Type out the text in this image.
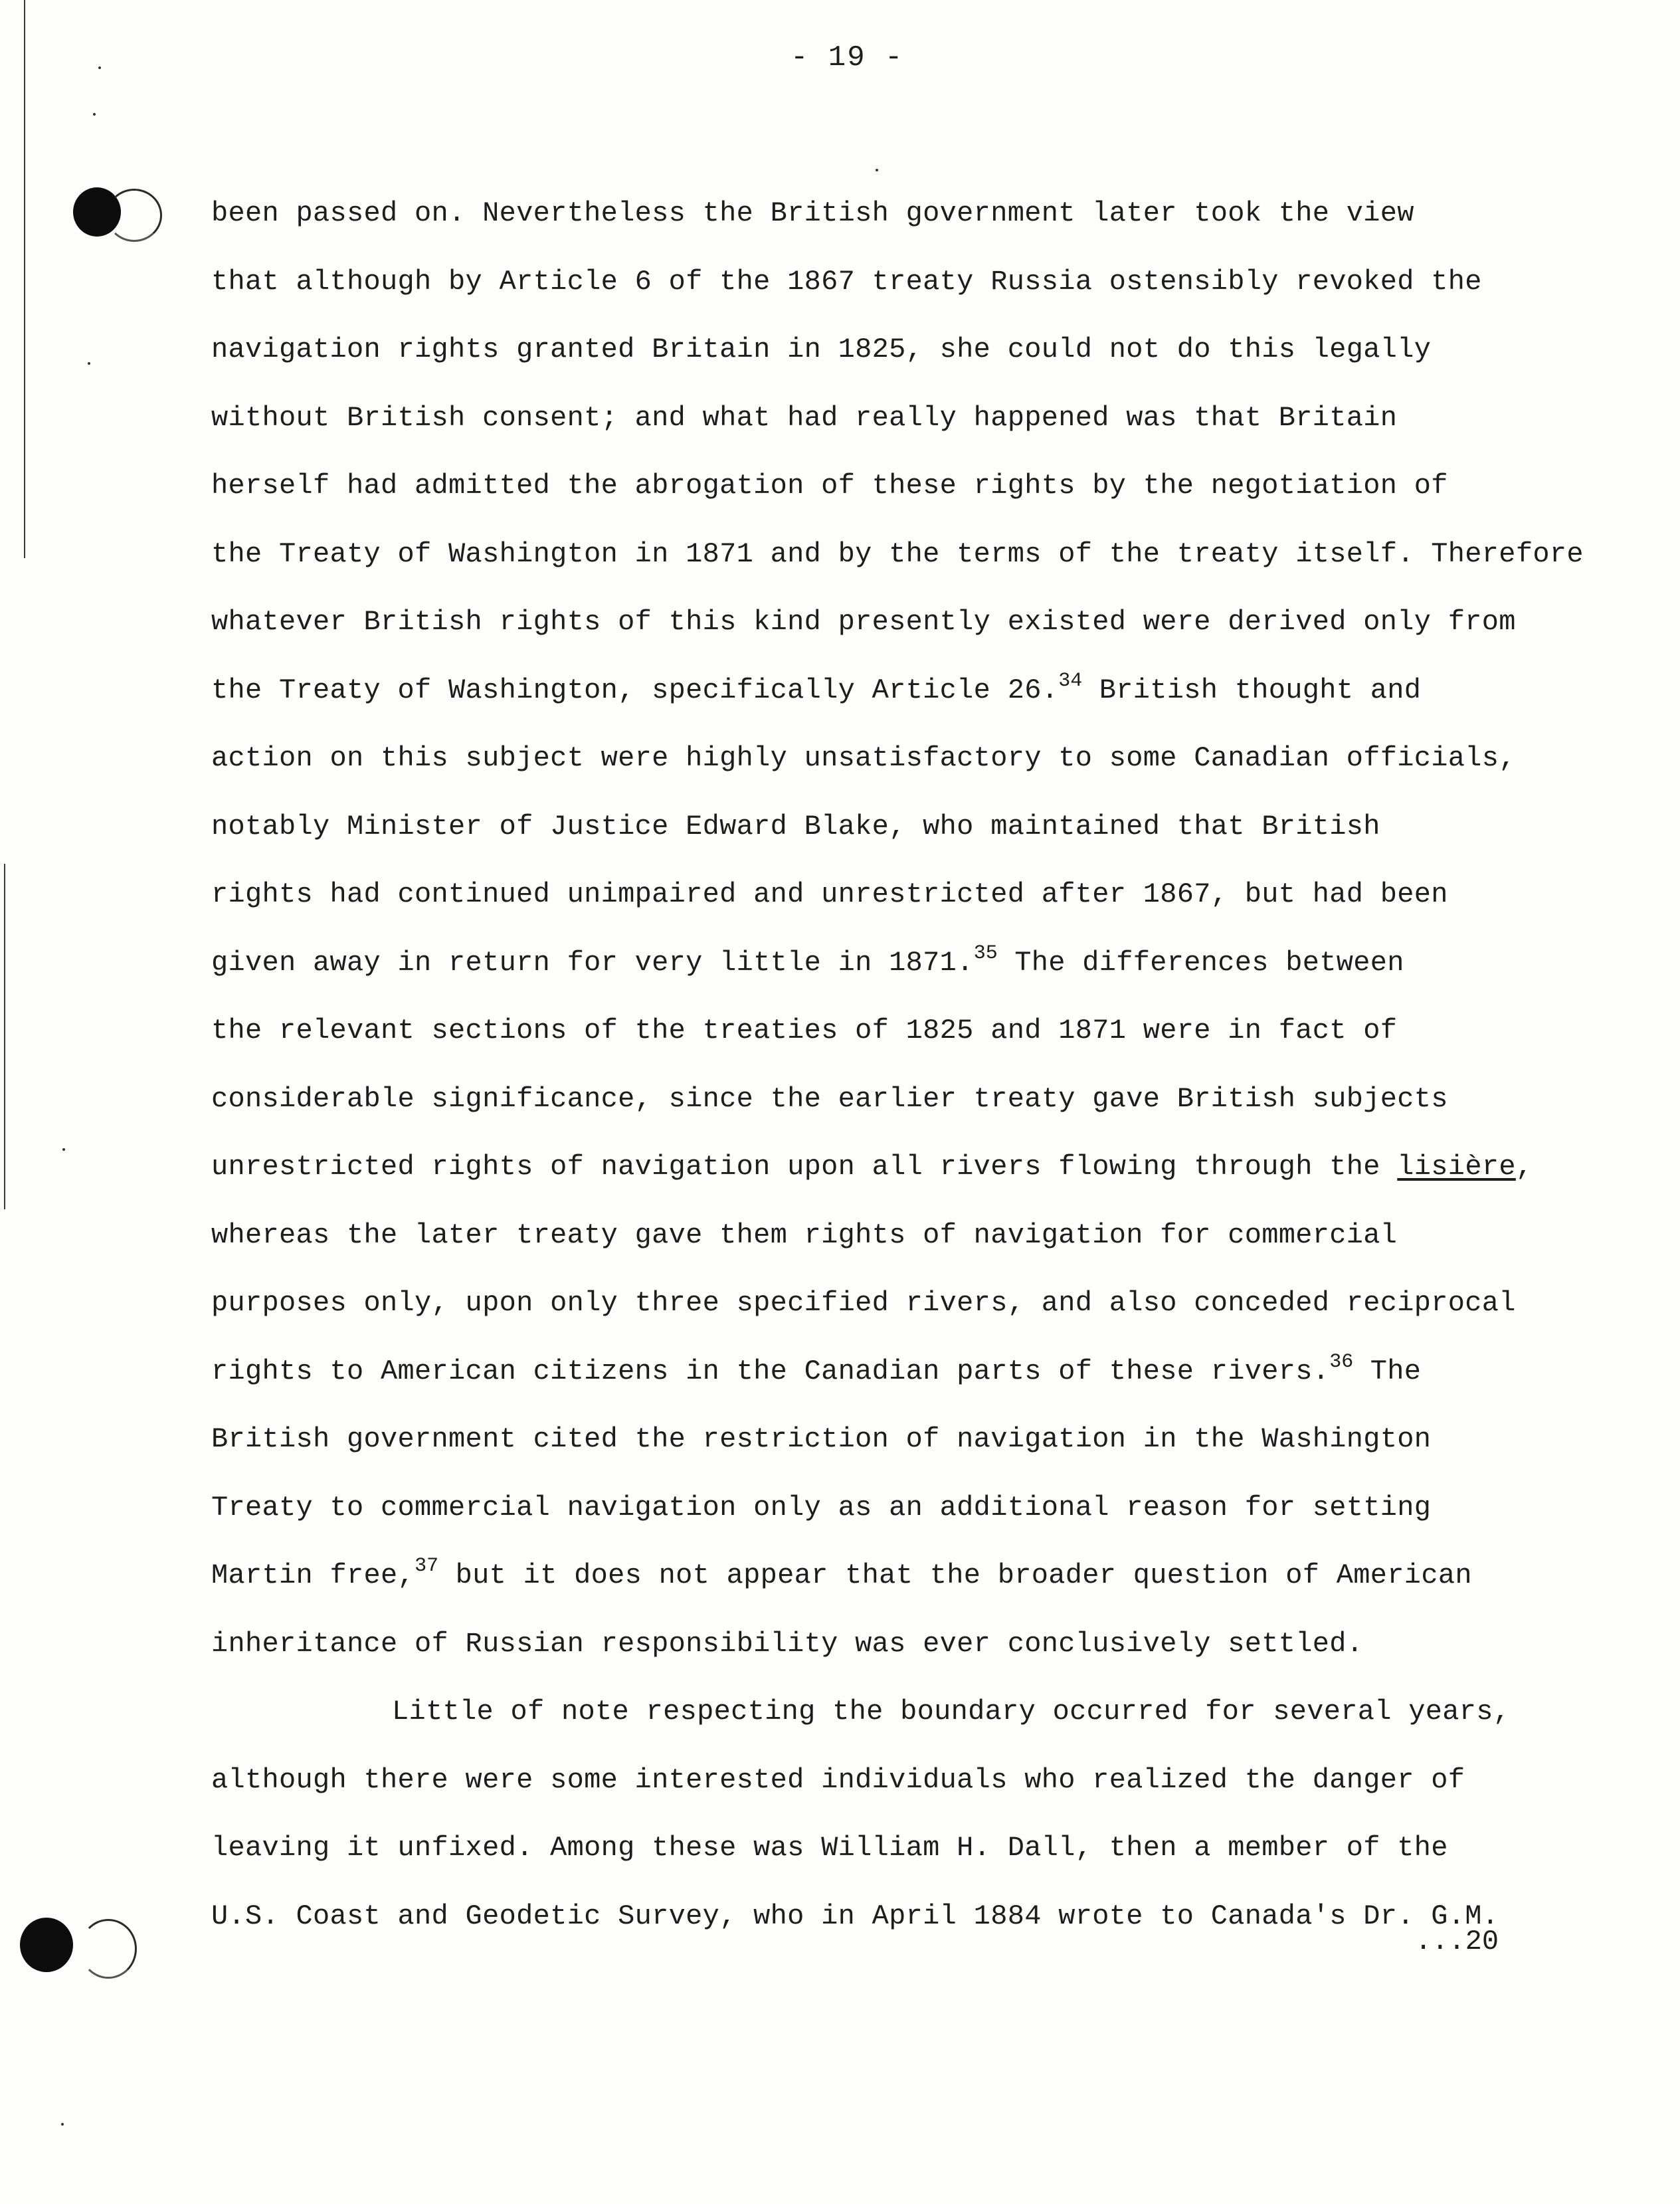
- 19 -
been passed on. Nevertheless the British government later took the view
that although by Article 6 of the 1867 treaty Russia ostensibly revoked the
navigation rights granted Britain in 1825, she could not do this legally
without British consent; and what had really happened was that Britain
herself had admitted the abrogation of these rights by the negotiation of
the Treaty of Washington in 1871 and by the terms of the treaty itself. Therefore
whatever British rights of this kind presently existed were derived only from
the Treaty of Washington, specifically Article 26.34 British thought and
action on this subject were highly unsatisfactory to some Canadian officials,
notably Minister of Justice Edward Blake, who maintained that British
rights had continued unimpaired and unrestricted after 1867, but had been
given away in return for very little in 1871.35 The differences between
the relevant sections of the treaties of 1825 and 1871 were in fact of
considerable significance, since the earlier treaty gave British subjects
unrestricted rights of navigation upon all rivers flowing through the lisière,
whereas the later treaty gave them rights of navigation for commercial
purposes only, upon only three specified rivers, and also conceded reciprocal
rights to American citizens in the Canadian parts of these rivers.$^{36}$ The
British government cited the restriction of navigation in the Washington
Treaty to commercial navigation only as an additional reason for setting
Martin free,$^{37}$ but it does not appear that the broader question of American
inheritance of Russian responsibility was ever conclusively settled.
Little of note respecting the boundary occurred for several years,
although there were some interested individuals who realized the danger of
leaving it unfixed. Among these was William H. Dall, then a member of the
U.S. Coast and Geodetic Survey, who in April 1884 wrote to Canada's Dr. G.M.
...20
